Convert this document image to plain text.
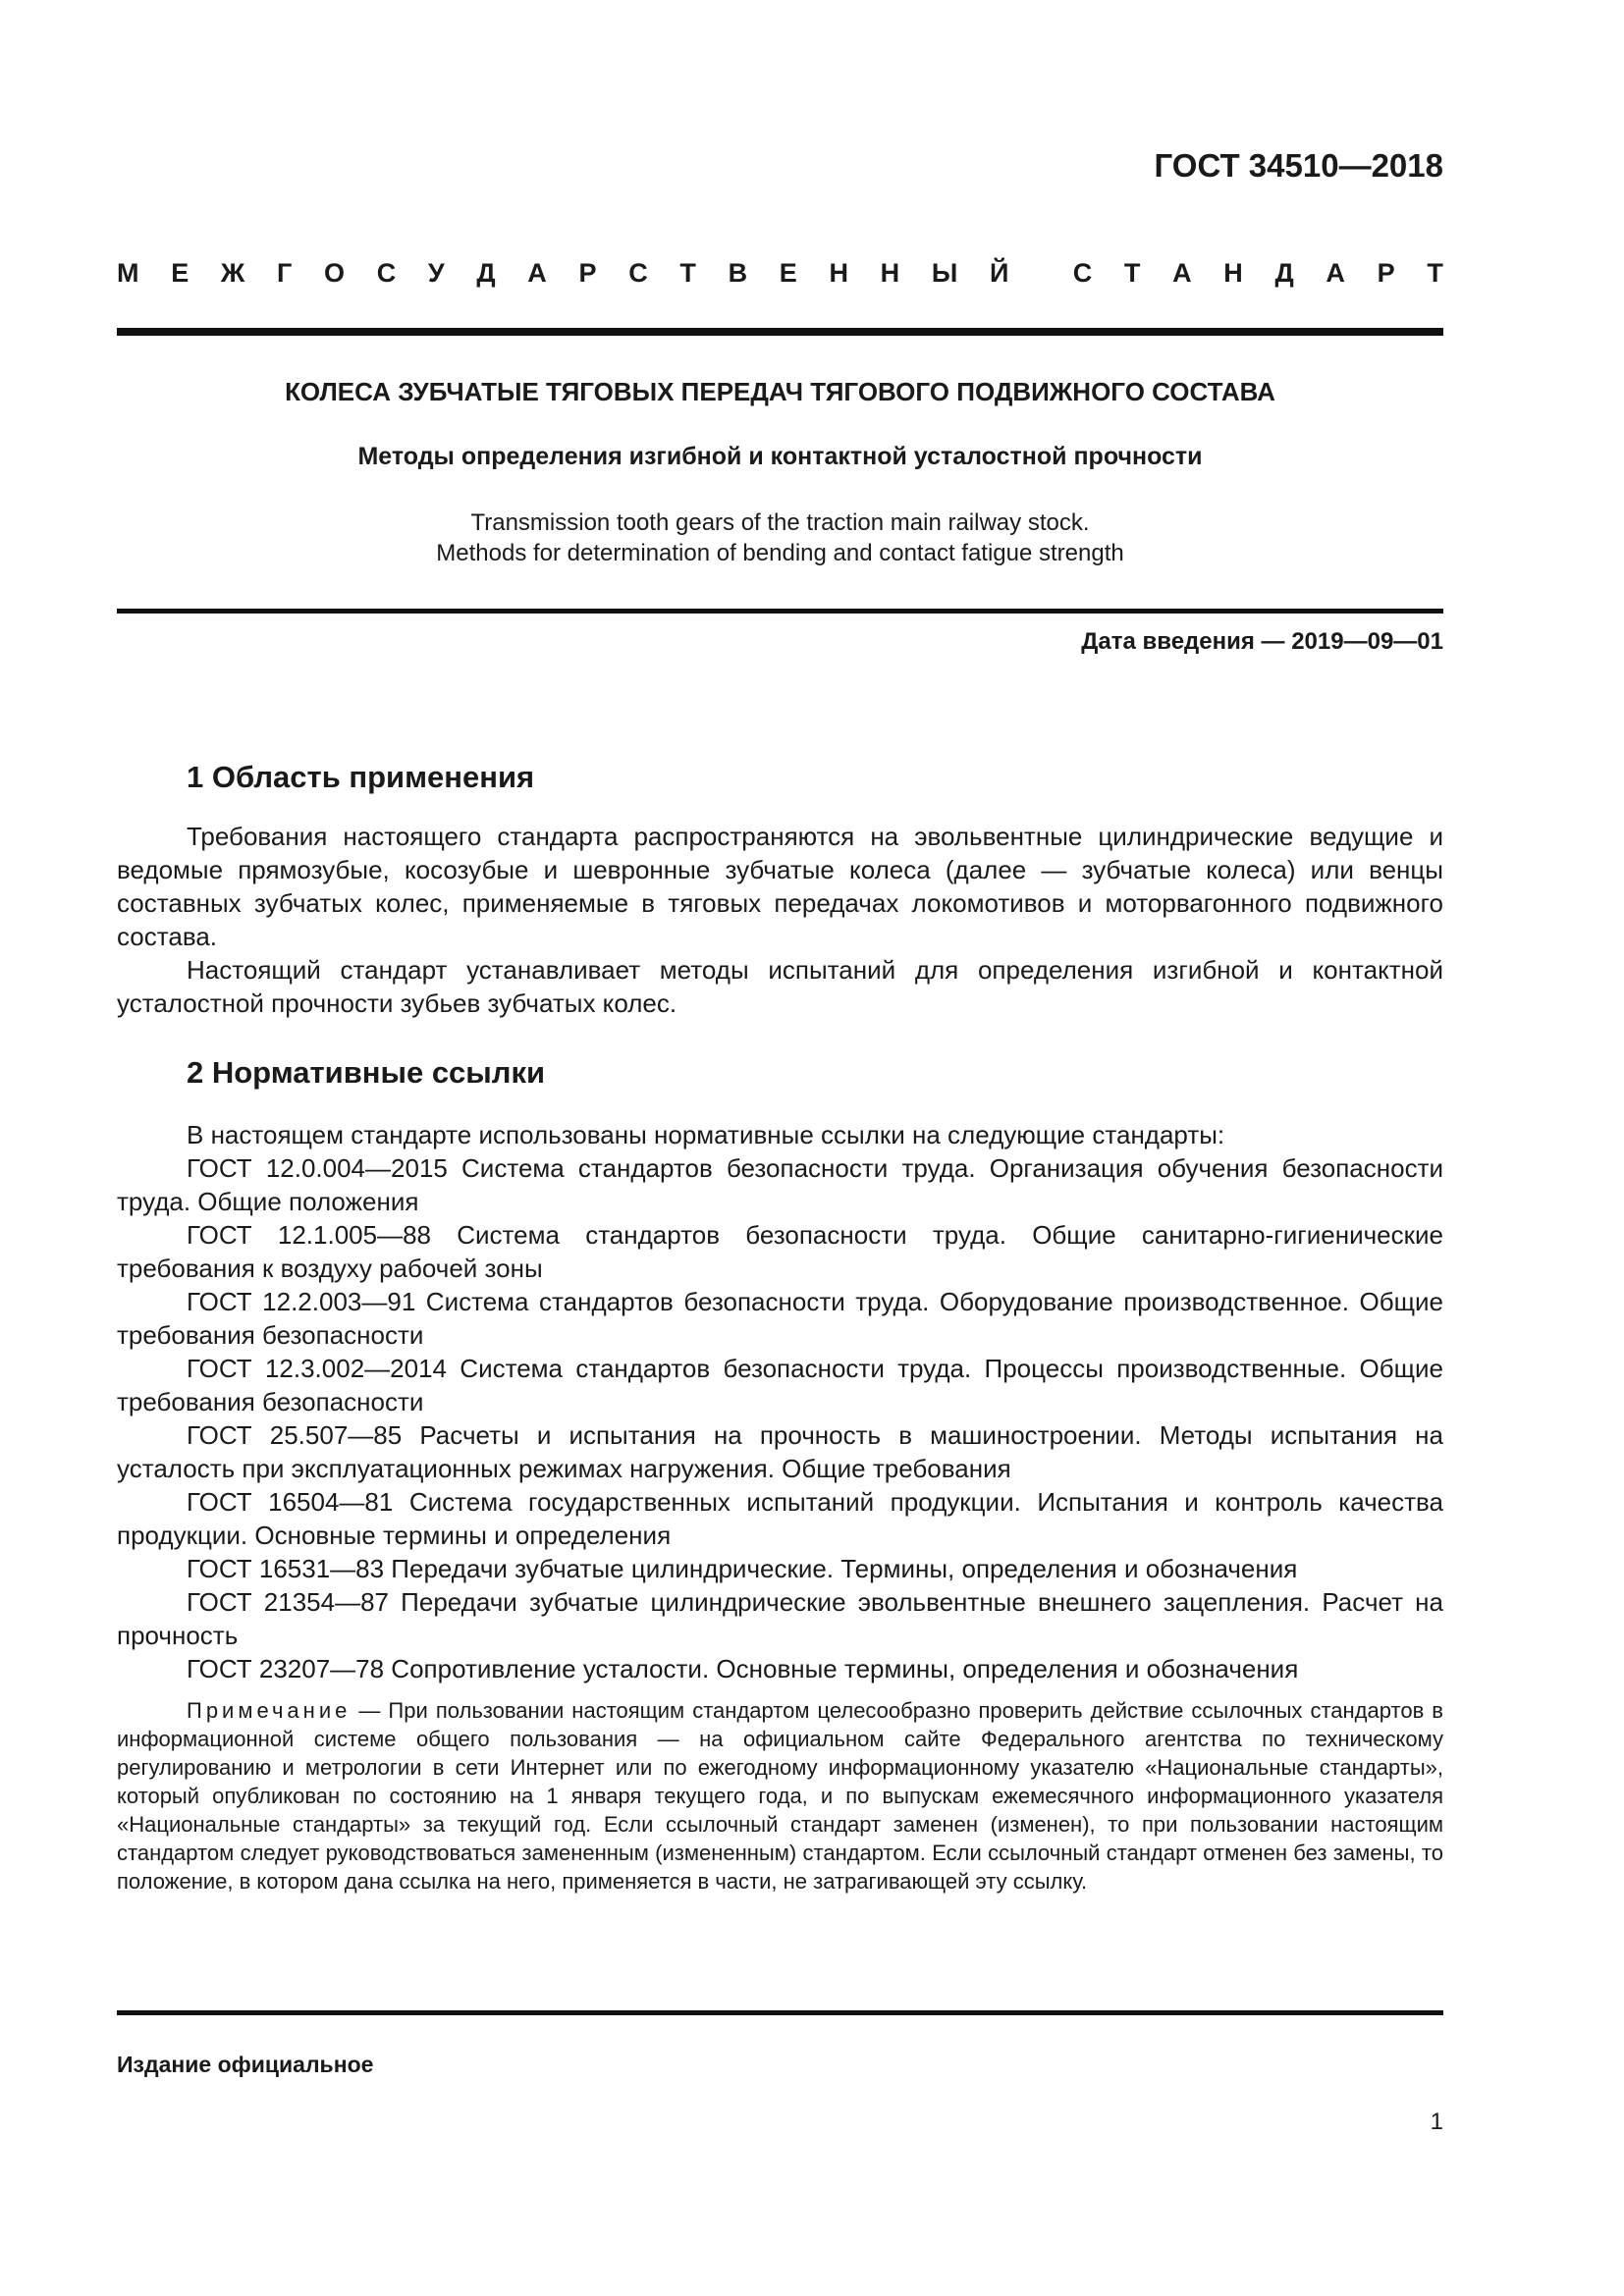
ГОСТ 34510—2018
М Е Ж Г О С У Д А Р С Т В Е Н Н Ы Й С Т А Н Д А Р Т
КОЛЕСА ЗУБЧАТЫЕ ТЯГОВЫХ ПЕРЕДАЧ ТЯГОВОГО ПОДВИЖНОГО СОСТАВА
Методы определения изгибной и контактной усталостной прочности
Transmission tooth gears of the traction main railway stock.
Methods for determination of bending and contact fatigue strength
Дата введения — 2019—09—01
1 Область применения

Требования настоящего стандарта распространяются на эвольвентные цилиндрические ведущие и ведомые прямозубые, косозубые и шевронные зубчатые колеса (далее — зубчатые колеса) или венцы составных зубчатых колес, применяемые в тяговых передачах локомотивов и моторвагонного подвижного состава.

Настоящий стандарт устанавливает методы испытаний для определения изгибной и контактной усталостной прочности зубьев зубчатых колес.

2 Нормативные ссылки

В настоящем стандарте использованы нормативные ссылки на следующие стандарты:

ГОСТ 12.0.004—2015 Система стандартов безопасности труда. Организация обучения безопасности труда. Общие положения

ГОСТ 12.1.005—88 Система стандартов безопасности труда. Общие санитарно-гигиенические требования к воздуху рабочей зоны

ГОСТ 12.2.003—91 Система стандартов безопасности труда. Оборудование производственное. Общие требования безопасности

ГОСТ 12.3.002—2014 Система стандартов безопасности труда. Процессы производственные. Общие требования безопасности

ГОСТ 25.507—85 Расчеты и испытания на прочность в машиностроении. Методы испытания на усталость при эксплуатационных режимах нагружения. Общие требования

ГОСТ 16504—81 Система государственных испытаний продукции. Испытания и контроль качества продукции. Основные термины и определения

ГОСТ 16531—83 Передачи зубчатые цилиндрические. Термины, определения и обозначения

ГОСТ 21354—87 Передачи зубчатые цилиндрические эвольвентные внешнего зацепления. Расчет на прочность

ГОСТ 23207—78 Сопротивление усталости. Основные термины, определения и обозначения

Примечание — При пользовании настоящим стандартом целесообразно проверить действие ссылочных стандартов в информационной системе общего пользования — на официальном сайте Федерального агентства по техническому регулированию и метрологии в сети Интернет или по ежегодному информационному указателю «Национальные стандарты», который опубликован по состоянию на 1 января текущего года, и по выпускам ежемесячного информационного указателя «Национальные стандарты» за текущий год. Если ссылочный стандарт заменен (изменен), то при пользовании настоящим стандартом следует руководствоваться замененным (измененным) стандартом. Если ссылочный стандарт отменен без замены, то положение, в котором дана ссылка на него, применяется в части, не затрагивающей эту ссылку.

Издание официальное
1
